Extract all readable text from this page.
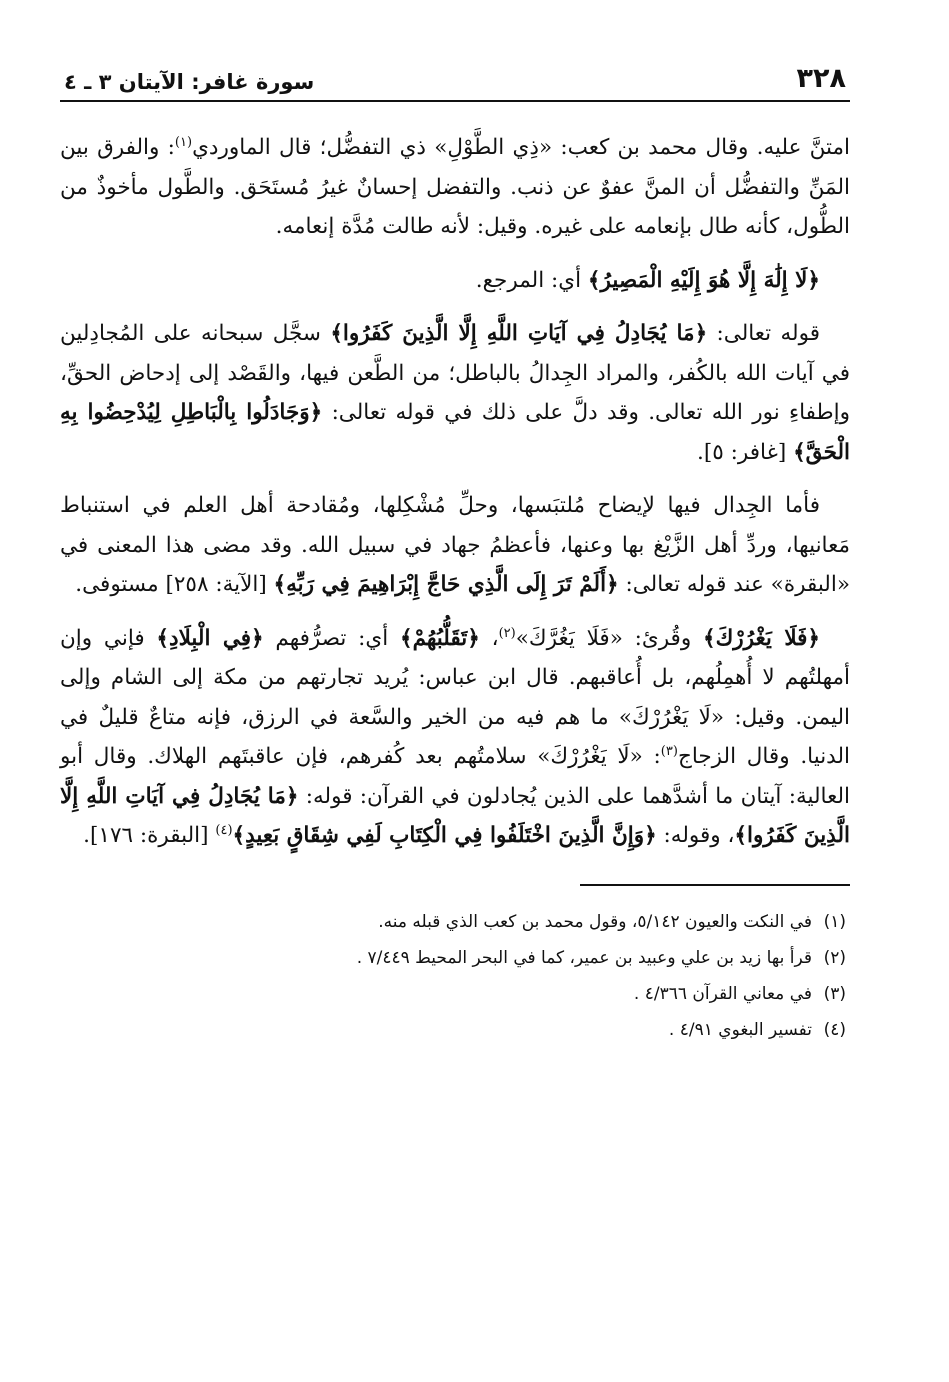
٣٢٨
سورة غافر: الآيتان ٣ ـ ٤

امتنَّ عليه. وقال محمد بن كعب: «ذِي الطَّوْلِ» ذي التفضُّل؛ قال الماوردي$^{(١)}$: والفرق بين المَنِّ والتفضُّل أن المنَّ عفوٌ عن ذنب. والتفضل إحسانٌ غيرُ مُستَحَق. والطَّول مأخوذٌ من الطُّول، كأنه طال بإنعامه على غيره. وقيل: لأنه طالت مُدَّة إنعامه.

﴿لَا إِلَٰهَ إِلَّا هُوَ إِلَيْهِ الْمَصِيرُ﴾ أي: المرجع.

قوله تعالى: ﴿مَا يُجَادِلُ فِي آيَاتِ اللَّهِ إِلَّا الَّذِينَ كَفَرُوا﴾ سجَّل سبحانه على المُجادِلين في آيات الله بالكُفر، والمراد الجِدالُ بالباطل؛ من الطَّعن فيها، والقَصْد إلى إدحاض الحقِّ، وإطفاءِ نور الله تعالى. وقد دلَّ على ذلك في قوله تعالى: ﴿وَجَادَلُوا بِالْبَاطِلِ لِيُدْحِضُوا بِهِ الْحَقَّ﴾ [غافر: ٥].

فأما الجِدال فيها لإيضاح مُلتبَسها، وحلِّ مُشْكِلها، ومُقادحة أهل العلم في استنباط مَعانيها، وردِّ أهل الزَّيْغ بها وعنها، فأعظمُ جهاد في سبيل الله. وقد مضى هذا المعنى في «البقرة» عند قوله تعالى: ﴿أَلَمْ تَرَ إِلَى الَّذِي حَاجَّ إِبْرَاهِيمَ فِي رَبِّهِ﴾ [الآية: ٢٥٨] مستوفى.

﴿فَلَا يَغْرُرْكَ﴾ وقُرئ: «فَلَا يَغُرَّكَ»$^{(٢)}$، ﴿تَقَلُّبُهُمْ﴾ أي: تصرُّفهم ﴿فِي الْبِلَادِ﴾ فإني وإن أمهلتُهم لا أُهمِلُهم، بل أُعاقبهم. قال ابن عباس: يُريد تجارتهم من مكة إلى الشام وإلى اليمن. وقيل: «لَا يَغْرُرْكَ» ما هم فيه من الخير والسَّعة في الرزق، فإنه متاعٌ قليلٌ في الدنيا. وقال الزجاج$^{(٣)}$: «لَا يَغْرُرْكَ» سلامتُهم بعد كُفرهم، فإن عاقبتَهم الهلاك. وقال أبو العالية: آيتان ما أشدَّهما على الذين يُجادلون في القرآن: قوله: ﴿مَا يُجَادِلُ فِي آيَاتِ اللَّهِ إِلَّا الَّذِينَ كَفَرُوا﴾، وقوله: ﴿وَإِنَّ الَّذِينَ اخْتَلَفُوا فِي الْكِتَابِ لَفِي شِقَاقٍ بَعِيدٍ﴾$^{(٤)}$ [البقرة: ١٧٦].

(١)في النكت والعيون ٥/١٤٢، وقول محمد بن كعب الذي قبله منه.
(٢)قرأ بها زيد بن علي وعبيد بن عمير، كما في البحر المحيط ٧/٤٤٩ .
(٣)في معاني القرآن ٤/٣٦٦ .
(٤)تفسير البغوي ٤/٩١ .
